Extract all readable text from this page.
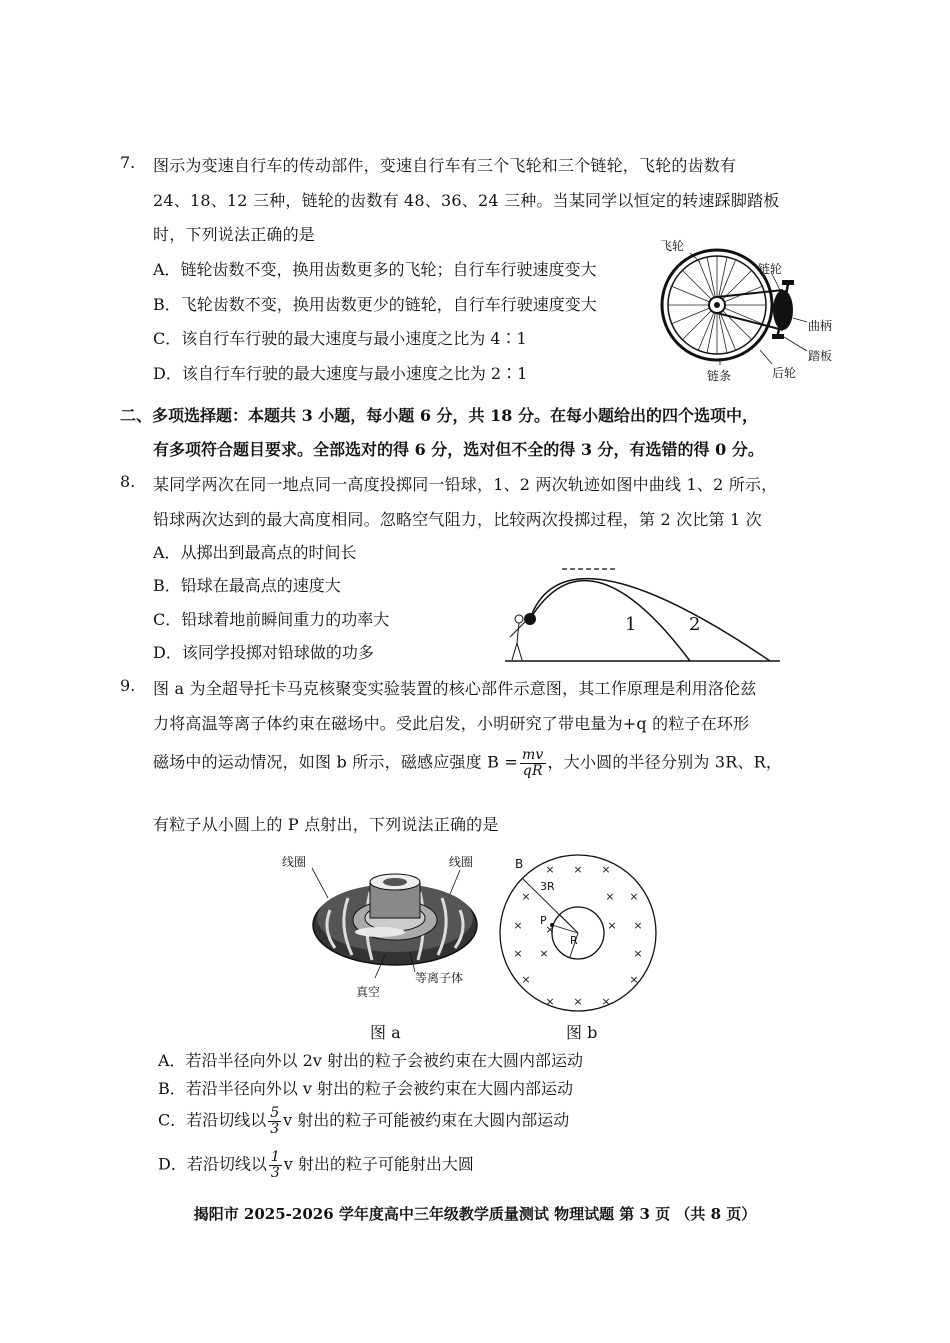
7. 图示为变速自行车的传动部件，变速自行车有三个飞轮和三个链轮，飞轮的齿数有
24、18、12 三种，链轮的齿数有 48、36、24 三种。当某同学以恒定的转速踩脚踏板
时，下列说法正确的是
A．链轮齿数不变，换用齿数更多的飞轮；自行车行驶速度变大
B．飞轮齿数不变，换用齿数更少的链轮，自行车行驶速度变大
C．该自行车行驶的最大速度与最小速度之比为 4∶1
D．该自行车行驶的最大速度与最小速度之比为 2∶1
飞轮
链轮
曲柄
踏板
链条	后轮
二、多项选择题：本题共 3 小题，每小题 6 分，共 18 分。在每小题给出的四个选项中，
有多项符合题目要求。全部选对的得 6 分，选对但不全的得 3 分，有选错的得 0 分。
8. 某同学两次在同一地点同一高度投掷同一铅球，1、2 两次轨迹如图中曲线 1、2 所示，
铅球两次达到的最大高度相同。忽略空气阻力，比较两次投掷过程，第 2 次比第 1 次
A．从掷出到最高点的时间长
B．铅球在最高点的速度大
C．铅球着地前瞬间重力的功率大
D．该同学投掷对铅球做的功多
1	2
9. 图 a 为全超导托卡马克核聚变实验装置的核心部件示意图，其工作原理是利用洛伦兹
力将高温等离子体约束在磁场中。受此启发，小明研究了带电量为+q 的粒子在环形
磁场中的运动情况，如图 b 所示，磁感应强度 $B = \frac{mv}{qR}$ ，大小圆的半径分别为 3R、R，
有粒子从小圆上的 P 点射出，下列说法正确的是
线圈	线圈
等离子体
真空
图 a
× × ×
×	×
×
×	×
×
×	×
×
×	×
× × ×
×
B
3R
P
R
图 b
A．若沿半径向外以 2v 射出的粒子会被约束在大圆内部运动
B．若沿半径向外以 v 射出的粒子会被约束在大圆内部运动
C．若沿切线以 $\frac{5}{3}$ v 射出的粒子可能被约束在大圆内部运动
D．若沿切线以 $\frac{1}{3}$ v 射出的粒子可能射出大圆
揭阳市 2025-2026 学年度高中三年级教学质量测试 物理试题 第 3 页 （共 8 页）
